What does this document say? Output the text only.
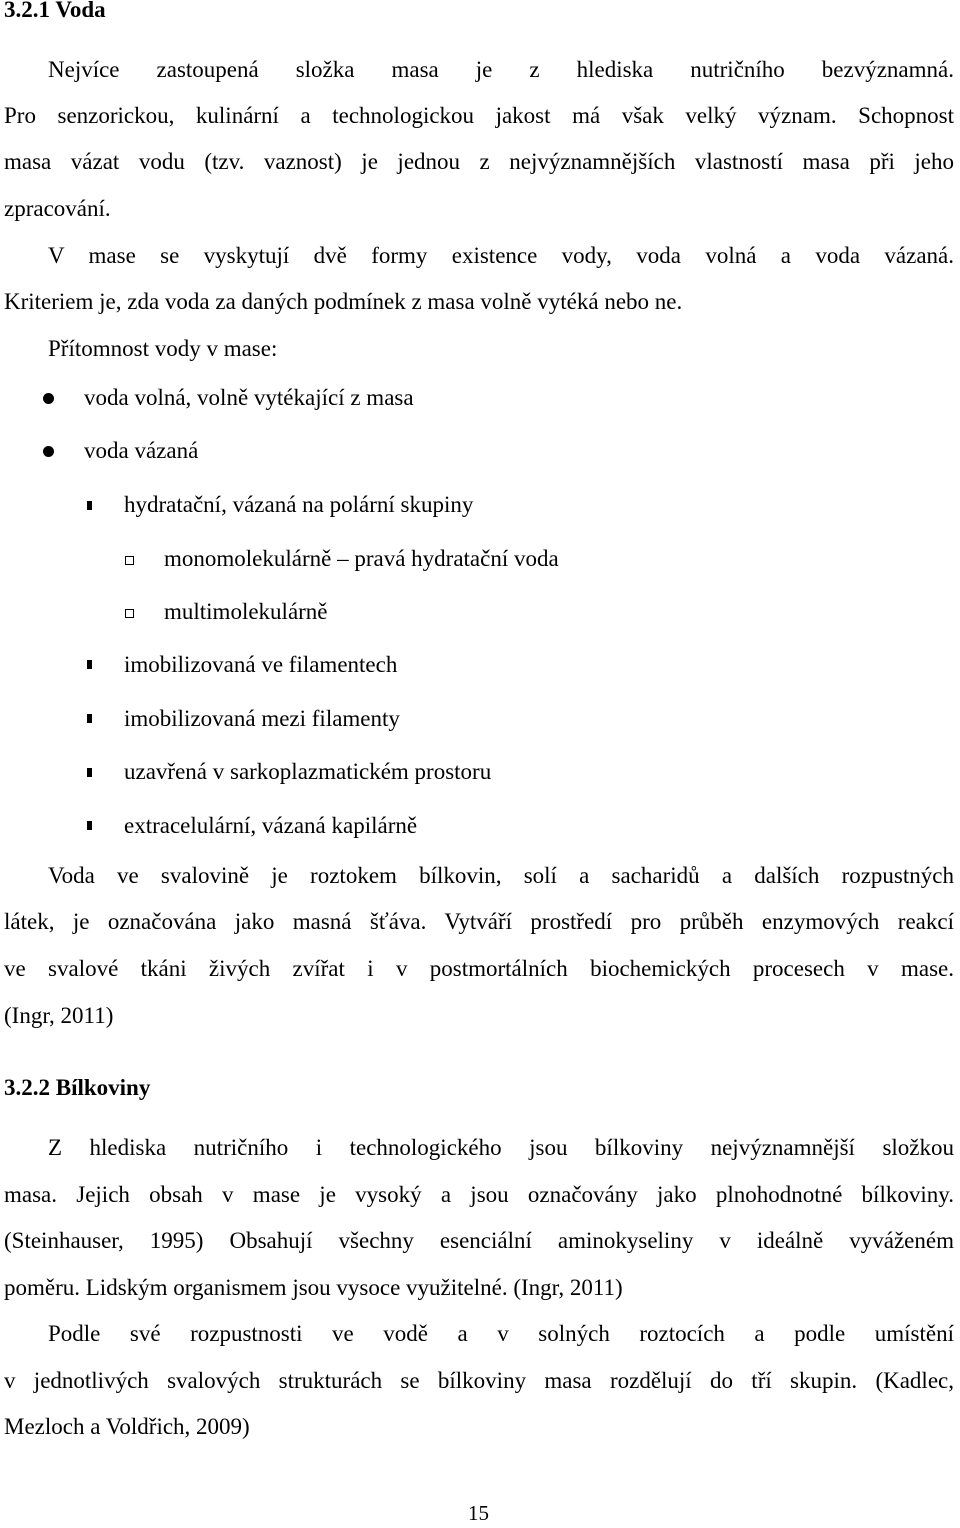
3.2.1 Voda
Nejvíce zastoupená složka masa je z hlediska nutričního bezvýznamná.
Pro senzorickou, kulinární a technologickou jakost má však velký význam. Schopnost
masa vázat vodu (tzv. vaznost) je jednou z nejvýznamnějších vlastností masa při jeho
zpracování.
V mase se vyskytují dvě formy existence vody, voda volná a voda vázaná.
Kriteriem je, zda voda za daných podmínek z masa volně vytéká nebo ne.
Přítomnost vody v mase:
voda volná, volně vytékající z masa
voda vázaná
hydratační, vázaná na polární skupiny
monomolekulárně – pravá hydratační voda
multimolekulárně
imobilizovaná ve filamentech
imobilizovaná mezi filamenty
uzavřená v sarkoplazmatickém prostoru
extracelulární, vázaná kapilárně
Voda ve svalovině je roztokem bílkovin, solí a sacharidů a dalších rozpustných
látek, je označována jako masná šťáva. Vytváří prostředí pro průběh enzymových reakcí
ve svalové tkáni živých zvířat i v postmortálních biochemických procesech v mase.
(Ingr, 2011)
3.2.2 Bílkoviny
Z hlediska nutričního i technologického jsou bílkoviny nejvýznamnější složkou
masa. Jejich obsah v mase je vysoký a jsou označovány jako plnohodnotné bílkoviny.
(Steinhauser, 1995) Obsahují všechny esenciální aminokyseliny v ideálně vyváženém
poměru. Lidským organismem jsou vysoce využitelné. (Ingr, 2011)
Podle své rozpustnosti ve vodě a v solných roztocích a podle umístění
v jednotlivých svalových strukturách se bílkoviny masa rozdělují do tří skupin. (Kadlec,
Mezloch a Voldřich, 2009)
15
